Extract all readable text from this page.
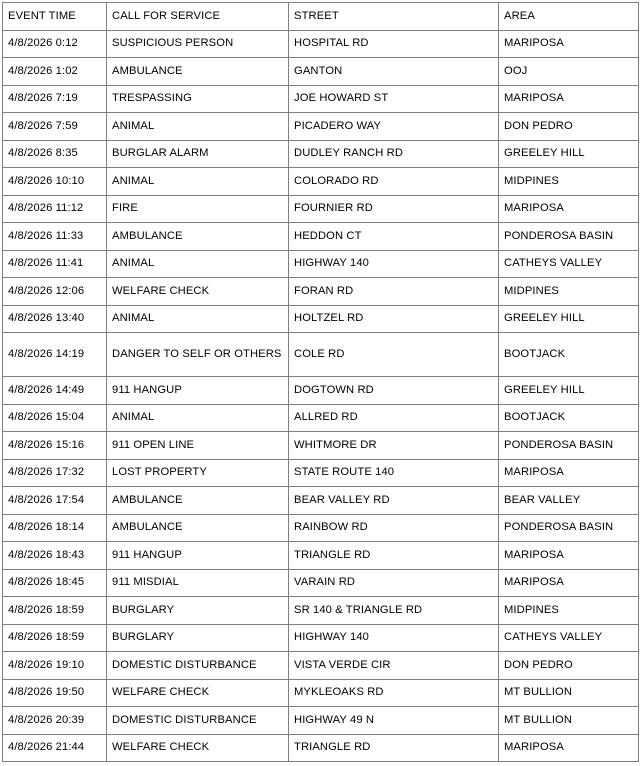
EVENT TIME	CALL FOR SERVICE	STREET	AREA
4/8/2026 0:12	SUSPICIOUS PERSON	HOSPITAL RD	MARIPOSA
4/8/2026 1:02	AMBULANCE	GANTON	OOJ
4/8/2026 7:19	TRESPASSING	JOE HOWARD ST	MARIPOSA
4/8/2026 7:59	ANIMAL	PICADERO WAY	DON PEDRO
4/8/2026 8:35	BURGLAR ALARM	DUDLEY RANCH RD	GREELEY HILL
4/8/2026 10:10	ANIMAL	COLORADO RD	MIDPINES
4/8/2026 11:12	FIRE	FOURNIER RD	MARIPOSA
4/8/2026 11:33	AMBULANCE	HEDDON CT	PONDEROSA BASIN
4/8/2026 11:41	ANIMAL	HIGHWAY 140	CATHEYS VALLEY
4/8/2026 12:06	WELFARE CHECK	FORAN RD	MIDPINES
4/8/2026 13:40	ANIMAL	HOLTZEL RD	GREELEY HILL
4/8/2026 14:19	DANGER TO SELF OR OTHERS	COLE RD	BOOTJACK
4/8/2026 14:49	911 HANGUP	DOGTOWN RD	GREELEY HILL
4/8/2026 15:04	ANIMAL	ALLRED RD	BOOTJACK
4/8/2026 15:16	911 OPEN LINE	WHITMORE DR	PONDEROSA BASIN
4/8/2026 17:32	LOST PROPERTY	STATE ROUTE 140	MARIPOSA
4/8/2026 17:54	AMBULANCE	BEAR VALLEY RD	BEAR VALLEY
4/8/2026 18:14	AMBULANCE	RAINBOW RD	PONDEROSA BASIN
4/8/2026 18:43	911 HANGUP	TRIANGLE RD	MARIPOSA
4/8/2026 18:45	911 MISDIAL	VARAIN RD	MARIPOSA
4/8/2026 18:59	BURGLARY	SR 140 & TRIANGLE RD	MIDPINES
4/8/2026 18:59	BURGLARY	HIGHWAY 140	CATHEYS VALLEY
4/8/2026 19:10	DOMESTIC DISTURBANCE	VISTA VERDE CIR	DON PEDRO
4/8/2026 19:50	WELFARE CHECK	MYKLEOAKS RD	MT BULLION
4/8/2026 20:39	DOMESTIC DISTURBANCE	HIGHWAY 49 N	MT BULLION
4/8/2026 21:44	WELFARE CHECK	TRIANGLE RD	MARIPOSA
